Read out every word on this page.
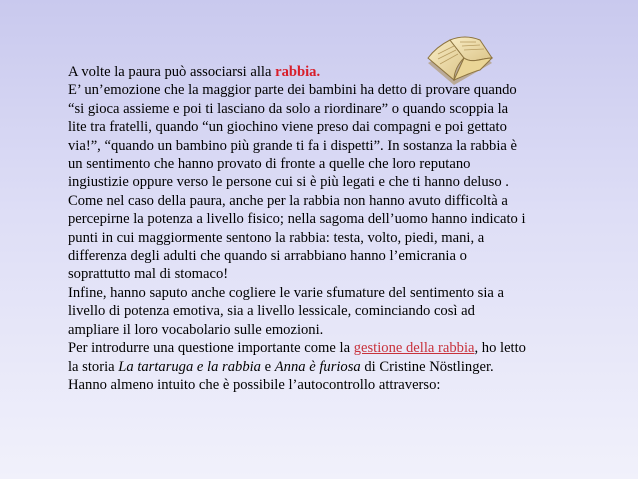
A volte la paura può associarsi alla rabbia.
E’ un’emozione che la maggior parte dei bambini ha detto di provare quando
“si gioca assieme e poi ti lasciano da solo a riordinare” o quando scoppia la
lite tra fratelli, quando “un giochino viene preso dai compagni e poi gettato
via!”, “quando un bambino più grande ti fa i dispetti”. In sostanza la rabbia è
un sentimento che hanno provato di fronte a quelle che loro reputano
ingiustizie oppure verso le persone cui si è più legati e che ti hanno deluso .
Come nel caso della paura, anche per la rabbia non hanno avuto difficoltà a
percepirne la potenza a livello fisico; nella sagoma dell’uomo hanno indicato i
punti in cui maggiormente sentono la rabbia: testa, volto, piedi, mani, a
differenza degli adulti che quando si arrabbiano hanno l’emicrania o
soprattutto mal di stomaco!
Infine, hanno saputo anche cogliere le varie sfumature del sentimento sia a
livello di potenza emotiva, sia a livello lessicale, cominciando così ad
ampliare il loro vocabolario sulle emozioni.
Per introdurre una questione importante come la gestione della rabbia, ho letto
la storia La tartaruga e la rabbia e Anna è furiosa di Cristine Nöstlinger.
Hanno almeno intuito che è possibile l’autocontrollo attraverso:
